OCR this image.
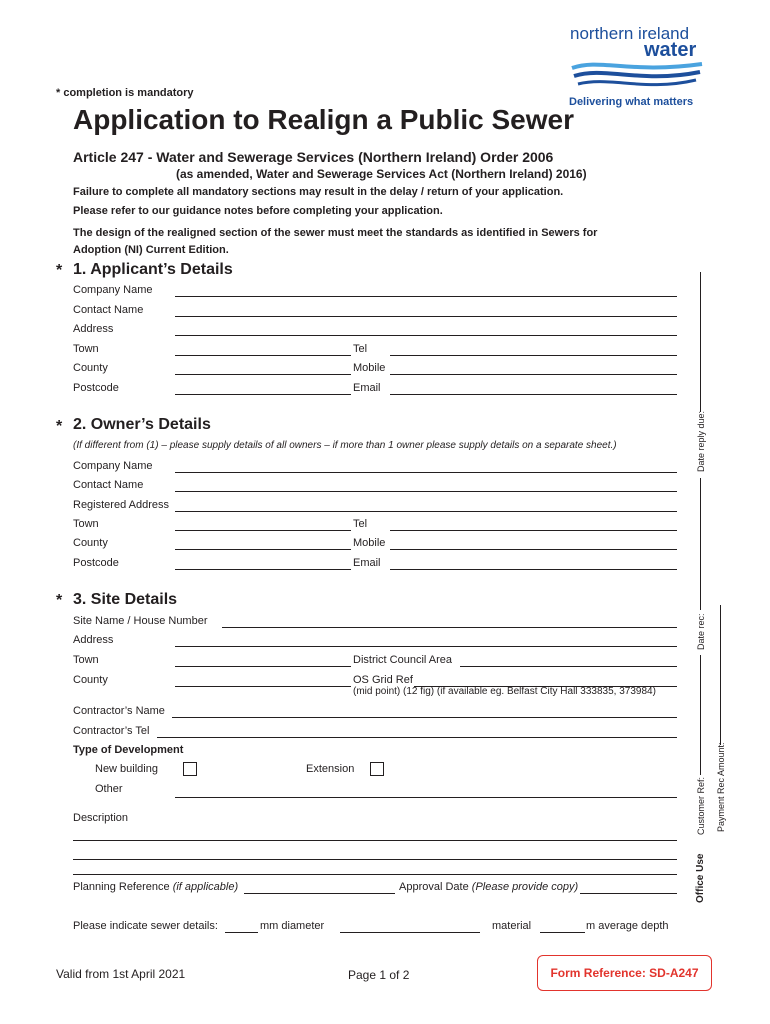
northern ireland
water
Delivering what matters
* completion is mandatory
Application to Realign a Public Sewer
Article 247 - Water and Sewerage Services (Northern Ireland) Order 2006
(as amended, Water and Sewerage Services Act (Northern Ireland) 2016)
Failure to complete all mandatory sections may result in the delay / return of your application.
Please refer to our guidance notes before completing your application.
The design of the realigned section of the sewer must meet the standards as identified in Sewers for
Adoption (NI) Current Edition.
* 1. Applicant’s Details
Company Name
Contact Name
Address
Town	Tel
County	Mobile
Postcode	Email
* 2. Owner’s Details
(If different from (1) – please supply details of all owners – if more than 1 owner please supply details on a separate sheet.)
Company Name
Contact Name
Registered Address
Town	Tel
County	Mobile
Postcode	Email
* 3. Site Details
Site Name / House Number
Address
Town	District Council Area
County	OS Grid Ref
(mid point) (12 fig) (if available eg. Belfast City Hall 333835, 373984)
Contractor’s Name
Contractor’s Tel
Type of Development
New building	Extension
Other
Description
Planning Reference (if applicable)	Approval Date (Please provide copy)
Please indicate sewer details:	mm diameter	material	m average depth
Date reply due:
Date rec:
Payment Rec Amount:
Customer Ref:
Office Use
Valid from 1st April 2021	Page 1 of 2	Form Reference: SD-A247
